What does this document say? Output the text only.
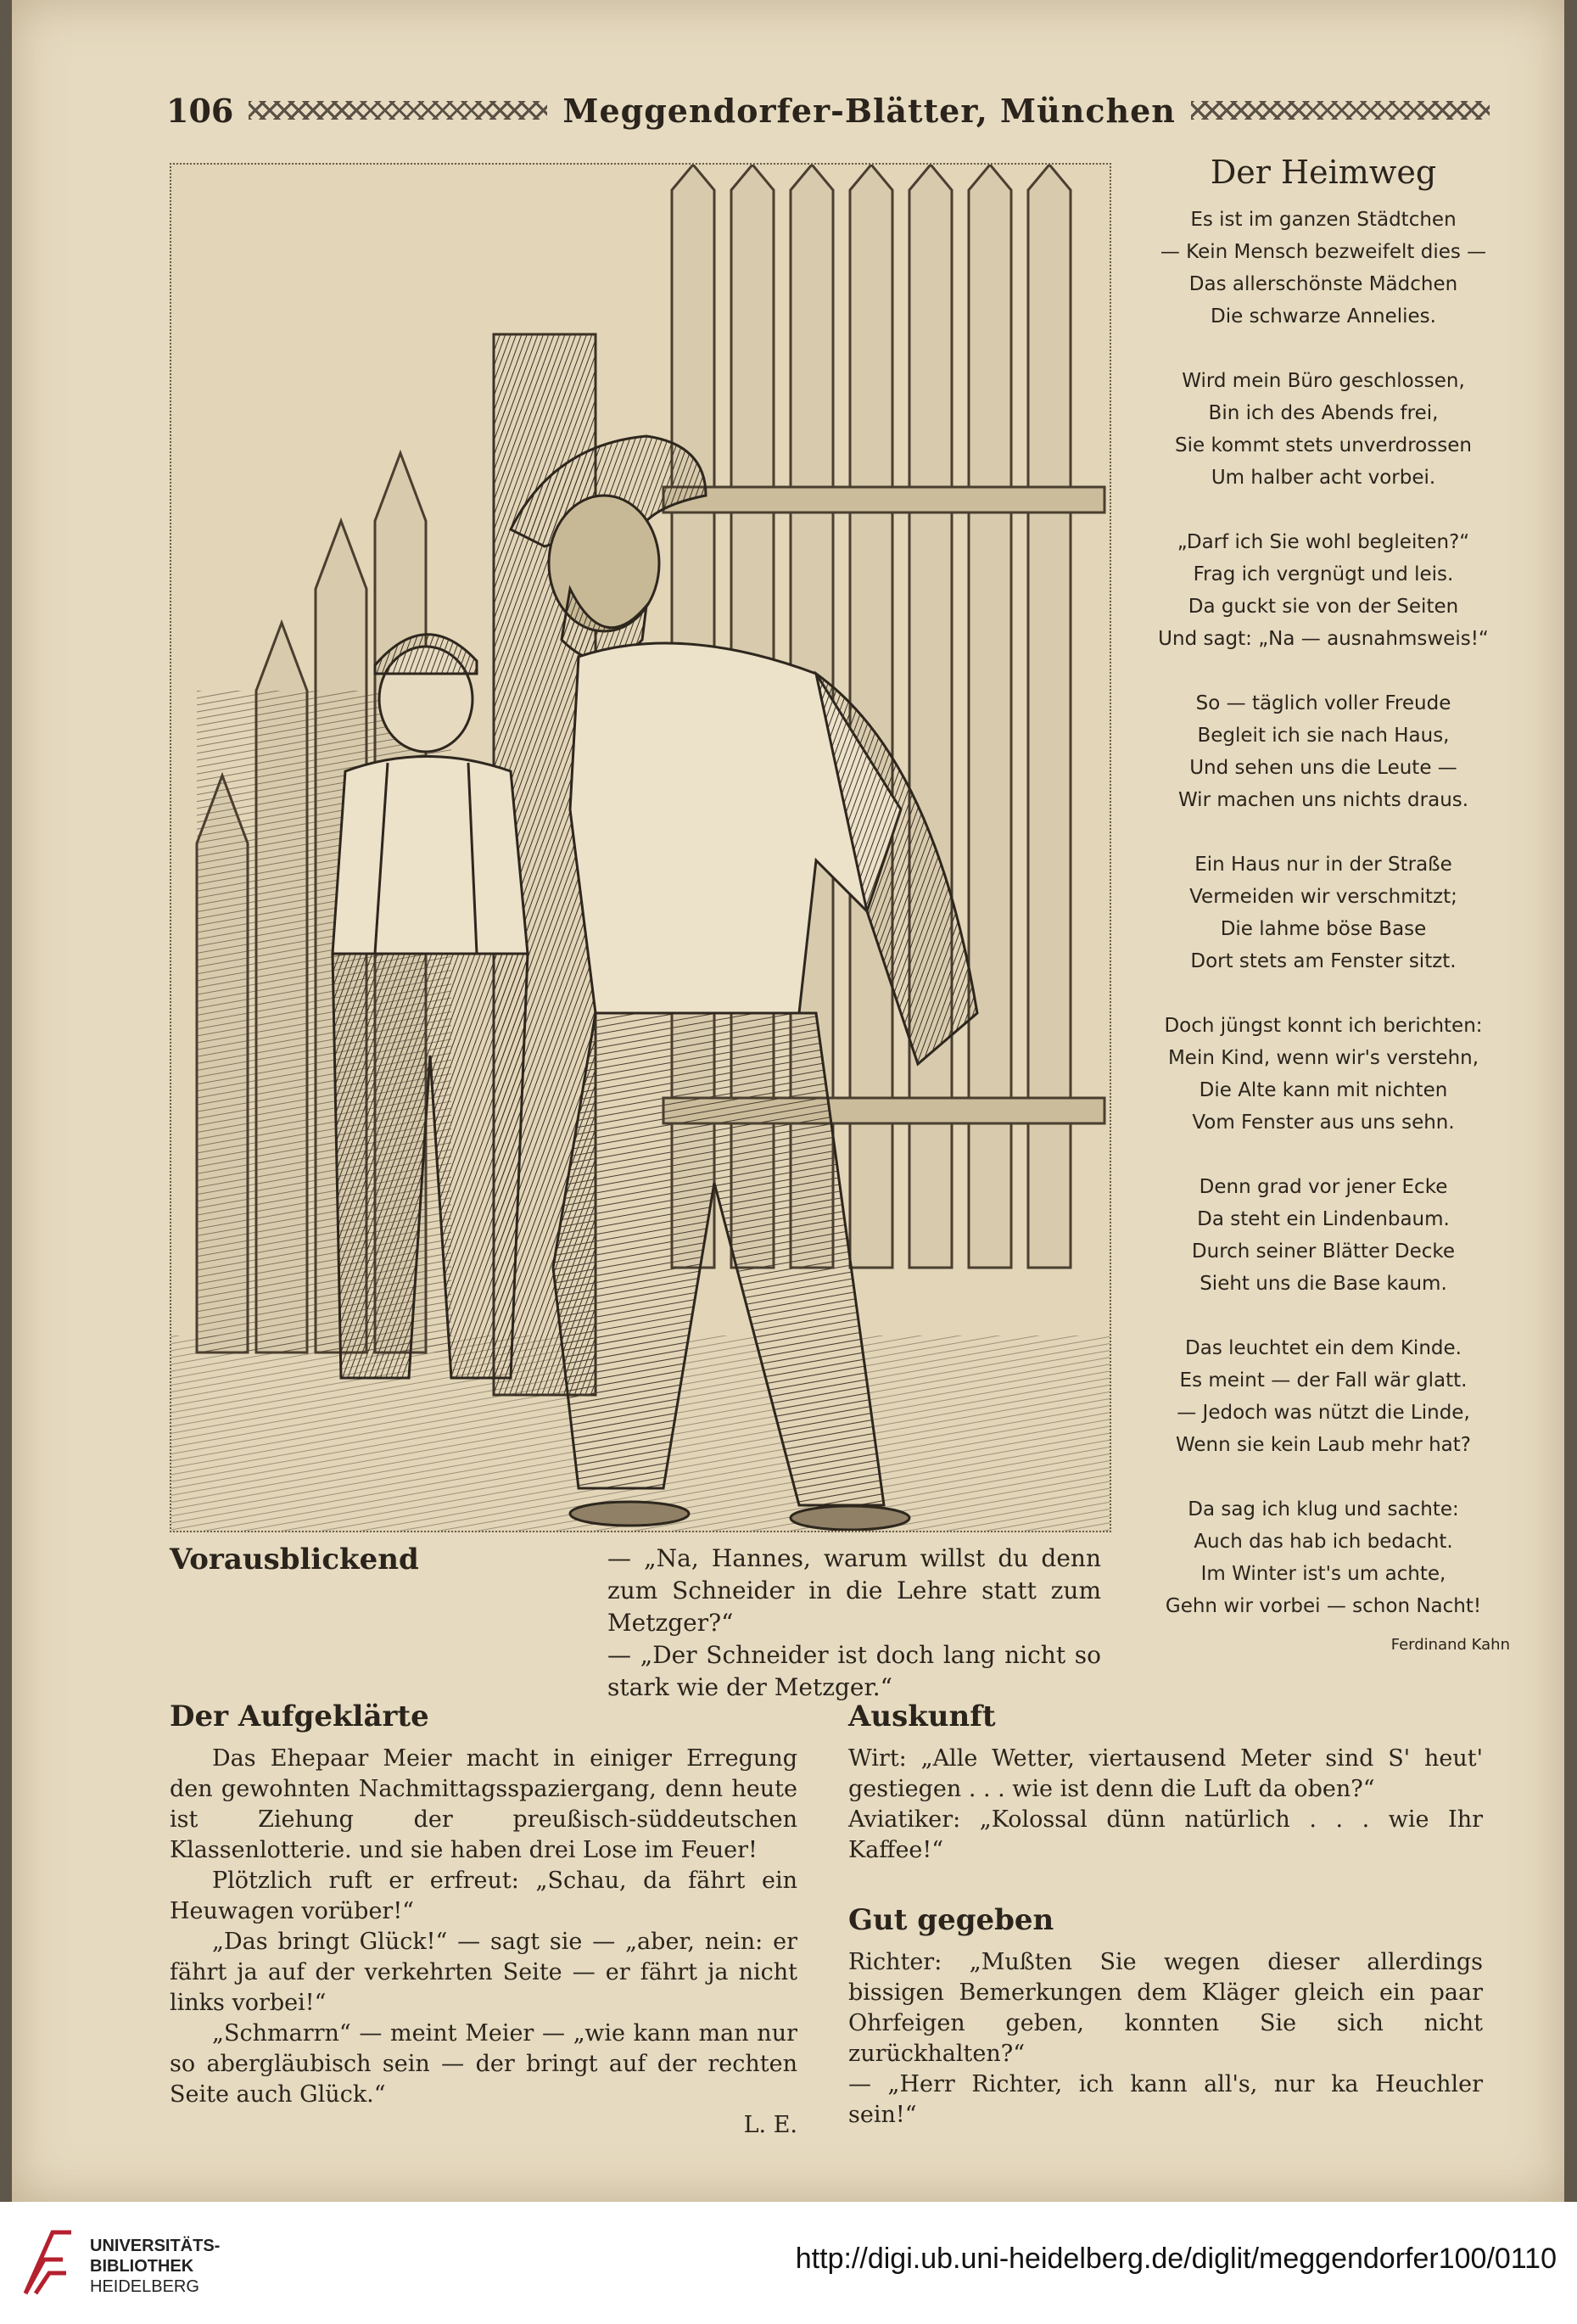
106	Meggendorfer-Blätter, München
Vorausblickend	— „Na, Hannes, warum willst du denn zum Schneider in die Lehre statt zum Metzger?“

— „Der Schneider ist doch lang nicht so stark wie der Metzger.“

Der Heimweg
Es ist im ganzen Städtchen
— Kein Mensch bezweifelt dies —
Das allerschönste Mädchen
Die schwarze Annelies.
Wird mein Büro geschlossen,
Bin ich des Abends frei,
Sie kommt stets unverdrossen
Um halber acht vorbei.
„Darf ich Sie wohl begleiten?“
Frag ich vergnügt und leis.
Da guckt sie von der Seiten
Und sagt: „Na — ausnahmsweis!“
So — täglich voller Freude
Begleit ich sie nach Haus,
Und sehen uns die Leute —
Wir machen uns nichts draus.
Ein Haus nur in der Straße
Vermeiden wir verschmitzt;
Die lahme böse Base
Dort stets am Fenster sitzt.
Doch jüngst konnt ich berichten:
Mein Kind, wenn wir's verstehn,
Die Alte kann mit nichten
Vom Fenster aus uns sehn.
Denn grad vor jener Ecke
Da steht ein Lindenbaum.
Durch seiner Blätter Decke
Sieht uns die Base kaum.
Das leuchtet ein dem Kinde.
Es meint — der Fall wär glatt.
— Jedoch was nützt die Linde,
Wenn sie kein Laub mehr hat?
Da sag ich klug und sachte:
Auch das hab ich bedacht.
Im Winter ist's um achte,
Gehn wir vorbei — schon Nacht!
Ferdinand Kahn
Der Aufgeklärte

Das Ehepaar Meier macht in einiger Erregung den gewohnten Nachmittagsspaziergang, denn heute ist Ziehung der preußisch-süddeutschen Klassenlotterie. und sie haben drei Lose im Feuer!

Plötzlich ruft er erfreut: „Schau, da fährt ein Heuwagen vorüber!“

„Das bringt Glück!“ — sagt sie — „aber, nein: er fährt ja auf der verkehrten Seite — er fährt ja nicht links vorbei!“

„Schmarrn“ — meint Meier — „wie kann man nur so abergläubisch sein — der bringt auf der rechten Seite auch Glück.“

L. E.
Auskunft

Wirt: „Alle Wetter, viertausend Meter sind S' heut' gestiegen . . . wie ist denn die Luft da oben?“

Aviatiker: „Kolossal dünn natürlich . . . wie Ihr Kaffee!“

Gut gegeben

Richter: „Mußten Sie wegen dieser allerdings bissigen Bemerkungen dem Kläger gleich ein paar Ohrfeigen geben, konnten Sie sich nicht zurückhalten?“

— „Herr Richter, ich kann all's, nur ka Heuchler sein!“

UNIVERSITÄTS-
BIBLIOTHEK
HEIDELBERG
http://digi.ub.uni-heidelberg.de/diglit/meggendorfer100/0110
